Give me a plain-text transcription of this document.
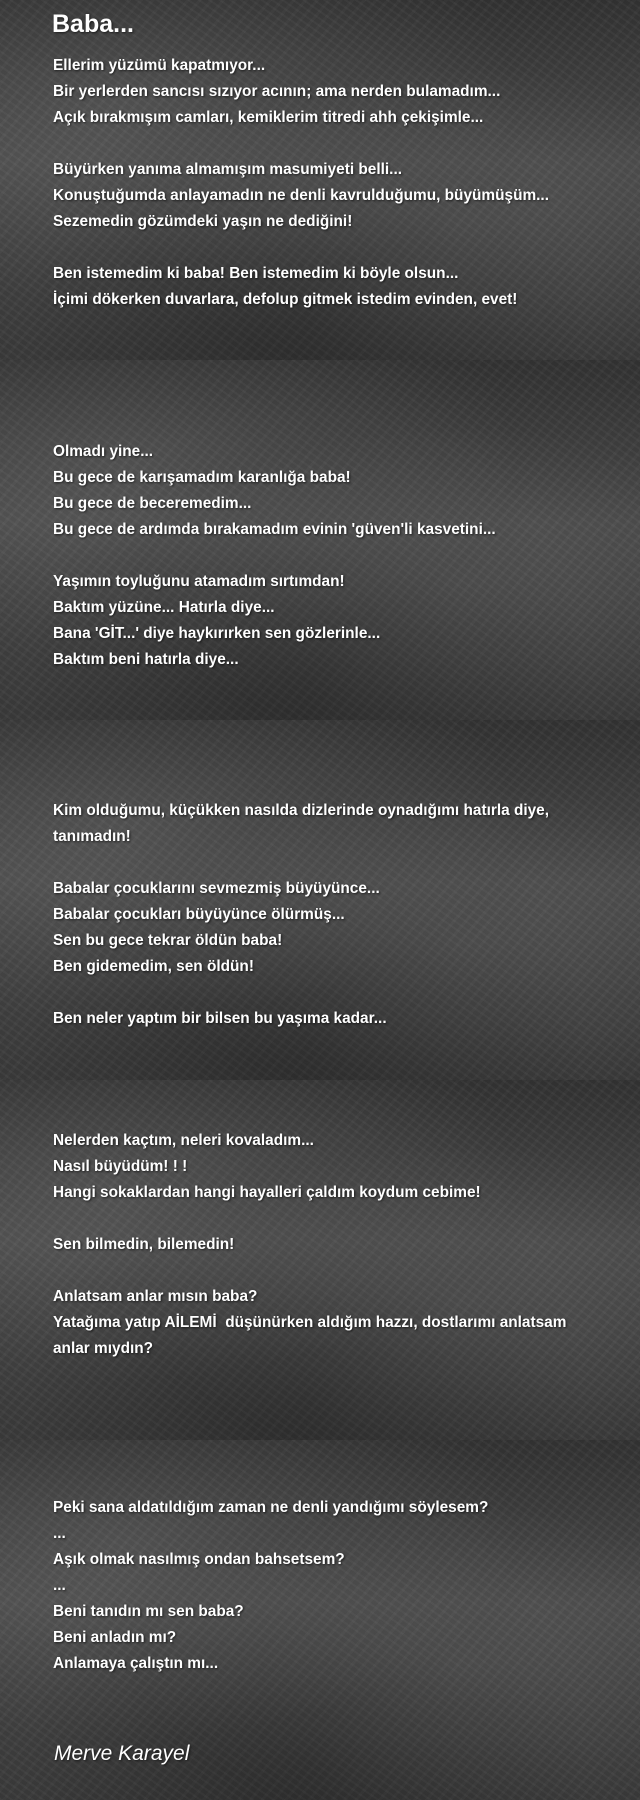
Baba...
Ellerim yüzümü kapatmıyor...
Bir yerlerden sancısı sızıyor acının; ama nerden bulamadım...
Açık bırakmışım camları, kemiklerim titredi ahh çekişimle...
Büyürken yanıma almamışım masumiyeti belli...
Konuştuğumda anlayamadın ne denli kavrulduğumu, büyümüşüm...
Sezemedin gözümdeki yaşın ne dediğini!
Ben istemedim ki baba! Ben istemedim ki böyle olsun...
İçimi dökerken duvarlara, defolup gitmek istedim evinden, evet!
Olmadı yine...
Bu gece de karışamadım karanlığa baba!
Bu gece de beceremedim...
Bu gece de ardımda bırakamadım evinin 'güven'li kasvetini...
Yaşımın toyluğunu atamadım sırtımdan!
Baktım yüzüne... Hatırla diye...
Bana 'GİT...' diye haykırırken sen gözlerinle...
Baktım beni hatırla diye...
Kim olduğumu, küçükken nasılda dizlerinde oynadığımı hatırla diye,
tanımadın!
Babalar çocuklarını sevmezmiş büyüyünce...
Babalar çocukları büyüyünce ölürmüş...
Sen bu gece tekrar öldün baba!
Ben gidemedim, sen öldün!
Ben neler yaptım bir bilsen bu yaşıma kadar...
Nelerden kaçtım, neleri kovaladım...
Nasıl büyüdüm! ! !
Hangi sokaklardan hangi hayalleri çaldım koydum cebime!
Sen bilmedin, bilemedin!
Anlatsam anlar mısın baba?
Yatağıma yatıp AİLEMİ  düşünürken aldığım hazzı, dostlarımı anlatsam
anlar mıydın?
Peki sana aldatıldığım zaman ne denli yandığımı söylesem?
...
Aşık olmak nasılmış ondan bahsetsem?
...
Beni tanıdın mı sen baba?
Beni anladın mı?
Anlamaya çalıştın mı...
Merve Karayel
